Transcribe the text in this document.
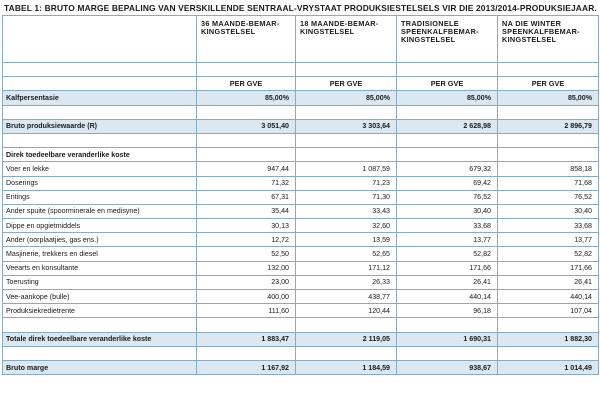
TABEL 1: BRUTO MARGE BEPALING VAN VERSKILLENDE SENTRAAL-VRYSTAAT PRODUKSIESTELSELS VIR DIE 2013/2014-PRODUKSIEJAAR.
	36 MAANDE-BEMAR-KINGSTELSEL	18 MAANDE-BEMAR-KINGSTELSEL	TRADISIONELE SPEENKALFBEMAR-KINGSTELSEL	NA DIE WINTER SPEENKALFBEMAR-KINGSTELSEL

	PER GVE	PER GVE	PER GVE	PER GVE
Kalfpersentasie	85,00%	85,00%	85,00%	85,00%

Bruto produksiewaarde (R)	3 051,40	3 303,64	2 628,98	2 896,79

Direk toedeelbare veranderlike koste				
Voer en lekke	947,44	1 087,59	679,32	858,18
Doserings	71,32	71,23	69,42	71,68
Entings	67,31	71,30	76,52	76,52
Ander spuite (spoorminerale en medisyne)	35,44	33,43	30,40	30,40
Dippe en opgietmiddels	30,13	32,60	33,68	33,68
Ander (oorplaatjies, gas ens.)	12,72	13,59	13,77	13,77
Masjinerie, trekkers en diesel	52,50	52,65	52,82	52,82
Veearts en konsultante	132,00	171,12	171,66	171,66
Toerusting	23,00	26,33	26,41	26,41
Vee-aankope (bulle)	400,00	438,77	440,14	440,14
Produksiekredietrente	111,60	120,44	96,18	107,04

Totale direk toedeelbare veranderlike koste	1 883,47	2 119,05	1 690,31	1 882,30

Bruto marge	1 167,92	1 184,59	938,67	1 014,49
